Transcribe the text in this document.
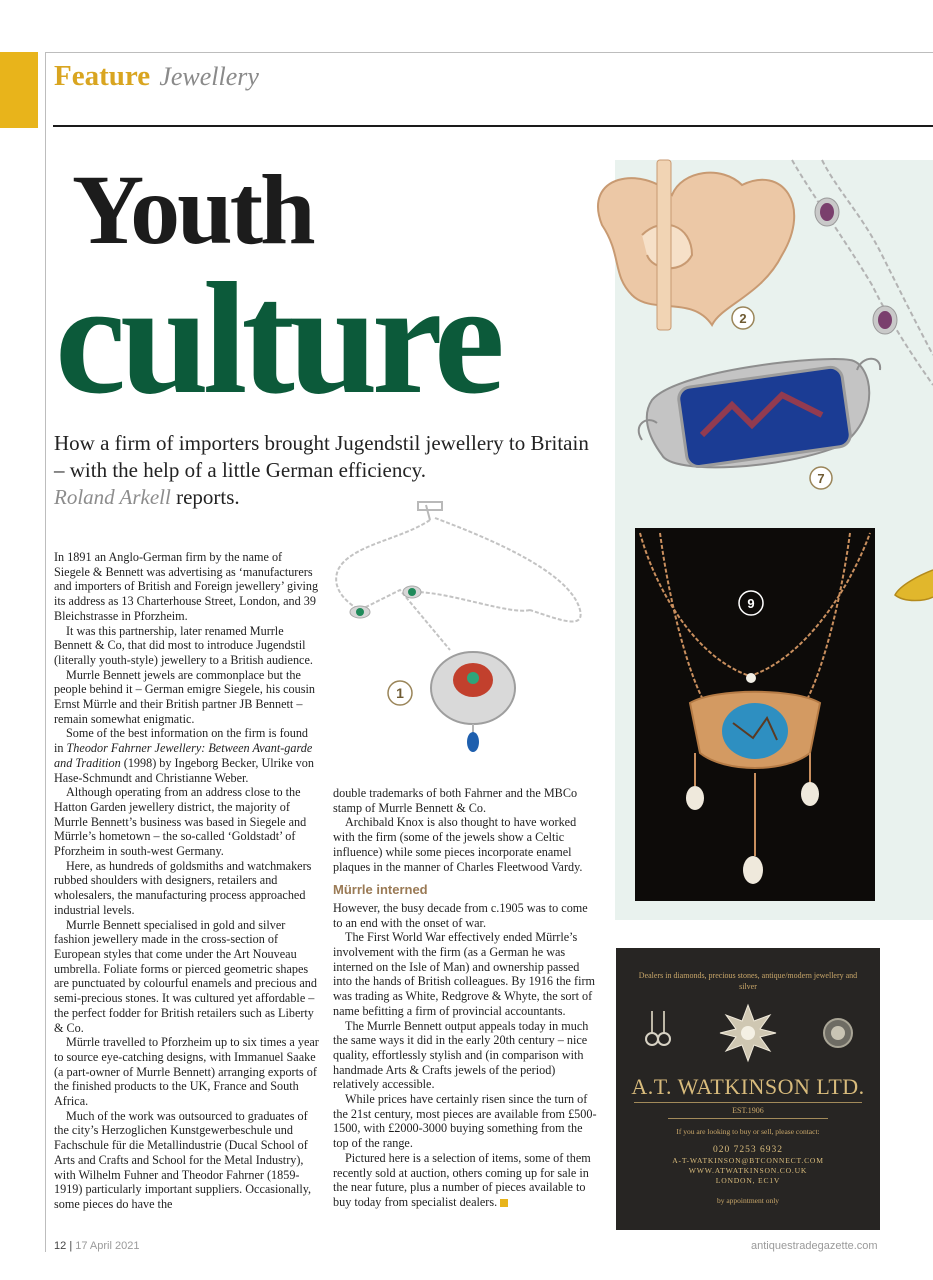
Feature Jewellery
Youth
culture
How a firm of importers brought Jugendstil jewellery to Britain – with the help of a little German efficiency.
Roland Arkell reports.
1
2
7
9

In 1891 an Anglo-German firm by the name of Siegele & Bennett was advertising as ‘manufacturers and importers of British and Foreign jewellery’ giving its address as 13 Charterhouse Street, London, and 39 Bleichstrasse in Pforzheim.

It was this partnership, later renamed Murrle Bennett & Co, that did most to introduce Jugendstil (literally youth-style) jewellery to a British audience.

Murrle Bennett jewels are commonplace but the people behind it – German emigre Siegele, his cousin Ernst Mürrle and their British partner JB Bennett – remain somewhat enigmatic.

Some of the best information on the firm is found in Theodor Fahrner Jewellery: Between Avant-garde and Tradition (1998) by Ingeborg Becker, Ulrike von Hase-Schmundt and Christianne Weber.

Although operating from an address close to the Hatton Garden jewellery district, the majority of Murrle Bennett’s business was based in Siegele and Mürrle’s hometown – the so-called ‘Goldstadt’ of Pforzheim in south-west Germany.

Here, as hundreds of goldsmiths and watchmakers rubbed shoulders with designers, retailers and wholesalers, the manufacturing process approached industrial levels.

Murrle Bennett specialised in gold and silver fashion jewellery made in the cross-section of European styles that come under the Art Nouveau umbrella. Foliate forms or pierced geometric shapes are punctuated by colourful enamels and precious and semi-precious stones. It was cultured yet affordable – the perfect fodder for British retailers such as Liberty & Co.

Mürrle travelled to Pforzheim up to six times a year to source eye-catching designs, with Immanuel Saake (a part-owner of Murrle Bennett) arranging exports of the finished products to the UK, France and South Africa.

Much of the work was outsourced to graduates of the city’s Herzoglichen Kunstgewerbeschule und Fachschule für die Metallindustrie (Ducal School of Arts and Crafts and School for the Metal Industry), with Wilhelm Fuhner and Theodor Fahrner (1859-1919) particularly important suppliers. Occasionally, some pieces do have the

double trademarks of both Fahrner and the MBCo stamp of Murrle Bennett & Co.

Archibald Knox is also thought to have worked with the firm (some of the jewels show a Celtic influence) while some pieces incorporate enamel plaques in the manner of Charles Fleetwood Vardy.

Mürrle interned

However, the busy decade from c.1905 was to come to an end with the onset of war.

The First World War effectively ended Mürrle’s involvement with the firm (as a German he was interned on the Isle of Man) and ownership passed into the hands of British colleagues. By 1916 the firm was trading as White, Redgrove & Whyte, the sort of name befitting a firm of provincial accountants.

The Murrle Bennett output appeals today in much the same ways it did in the early 20th century – nice quality, effortlessly stylish and (in comparison with handmade Arts & Crafts jewels of the period) relatively accessible.

While prices have certainly risen since the turn of the 21st century, most pieces are available from £500-1500, with £2000-3000 buying something from the top of the range.

Pictured here is a selection of items, some of them recently sold at auction, others coming up for sale in the near future, plus a number of pieces available to buy today from specialist dealers.

Dealers in diamonds, precious stones, antique/modern jewellery and silver
A.T. WATKINSON LTD.
EST.1906
If you are looking to buy or sell, please contact:
020 7253 6932
A-T-WATKINSON@BTCONNECT.COM
WWW.ATWATKINSON.CO.UK
LONDON, EC1V
by appointment only
12 | 17 April 2021	antiquestradegazette.com
